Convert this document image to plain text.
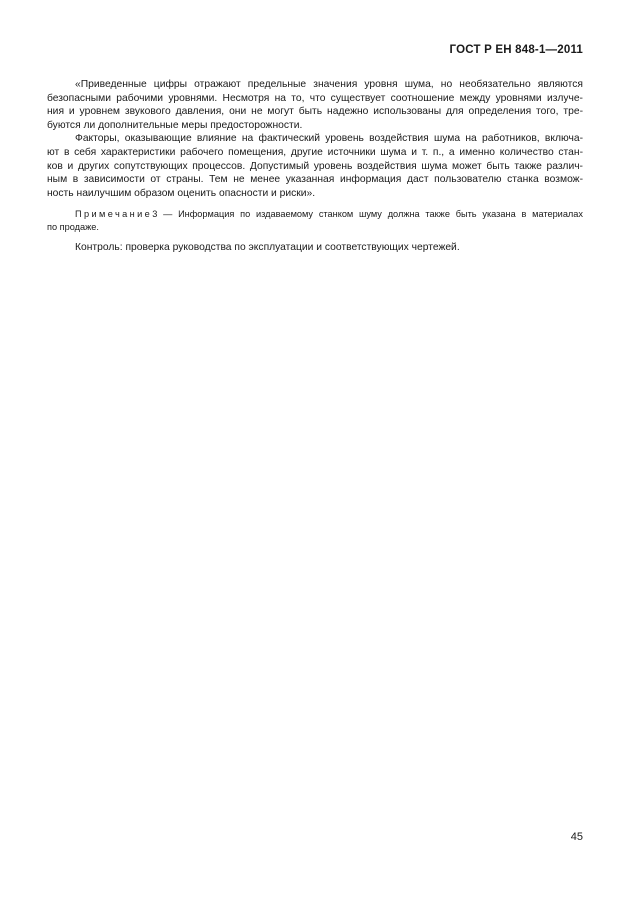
ГОСТ Р ЕН 848-1—2011
«Приведенные цифры отражают предельные значения уровня шума, но необязательно являются
безопасными рабочими уровнями. Несмотря на то, что существует соотношение между уровнями излуче-
ния и уровнем звукового давления, они не могут быть надежно использованы для определения того, тре-
буются ли дополнительные меры предосторожности.
Факторы, оказывающие влияние на фактический уровень воздействия шума на работников, включа-
ют в себя характеристики рабочего помещения, другие источники шума и т. п., а именно количество стан-
ков и других сопутствующих процессов. Допустимый уровень воздействия шума может быть также различ-
ным в зависимости от страны. Тем не менее указанная информация даст пользователю станка возмож-
ность наилучшим образом оценить опасности и риски».
Примечание3 — Информация по издаваемому станком шуму должна также быть указана в материалах
по продаже.
Контроль: проверка руководства по эксплуатации и соответствующих чертежей.
45
